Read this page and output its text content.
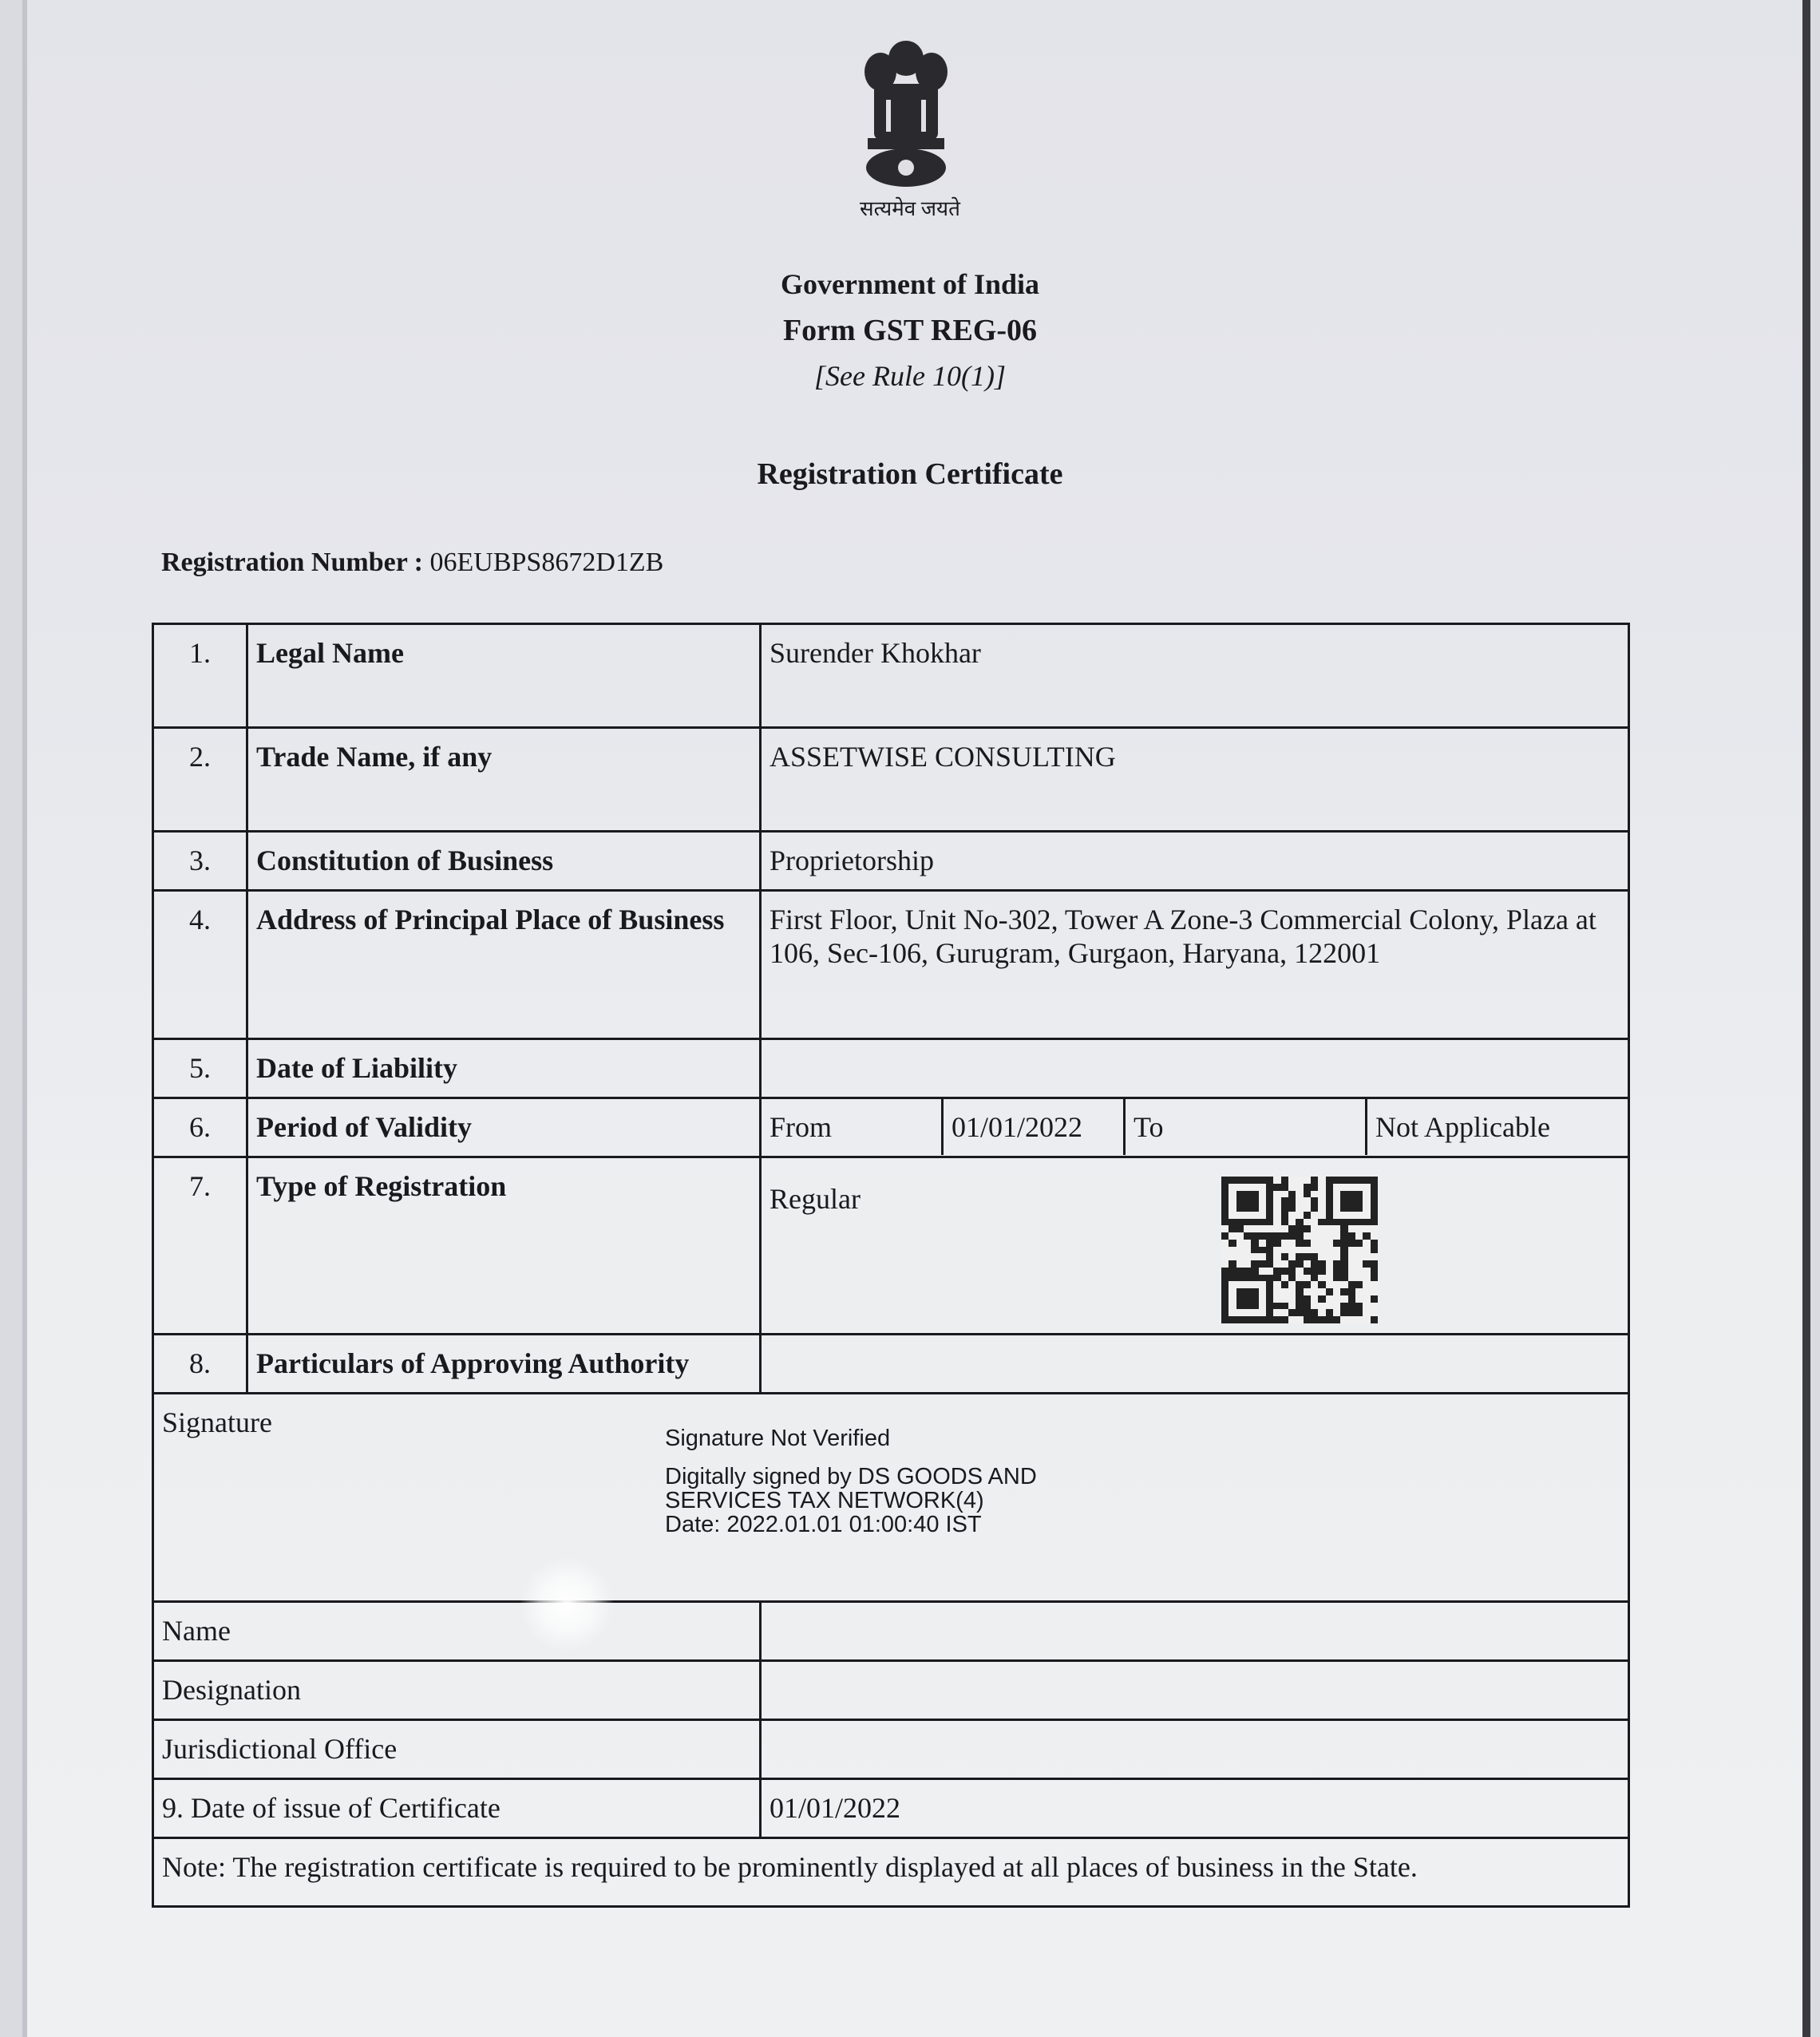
सत्यमेव जयते
Government of India
Form GST REG-06
[See Rule 10(1)]
Registration Certificate
Registration Number : 06EUBPS8672D1ZB
1.	Legal Name	Surender Khokhar
2.	Trade Name, if any	ASSETWISE CONSULTING
3.	Constitution of Business	Proprietorship
4.	Address of Principal Place of Business	First Floor, Unit No-302, Tower A Zone-3 Commercial Colony, Plaza at 106, Sec-106, Gurugram, Gurgaon, Haryana, 122001
5.	Date of Liability	
6.	Period of Validity		From	01/01/2022	To	Not Applicable

7.	Type of Registration	Regular
8.	Particulars of Approving Authority	
Signature	Signature Not Verified
Digitally signed by DS GOODS AND
SERVICES TAX NETWORK(4)
Date: 2022.01.01 01:00:40 IST

Name	
Designation	
Jurisdictional Office	
9. Date of issue of Certificate	01/01/2022
Note: The registration certificate is required to be prominently displayed at all places of business in the State.
